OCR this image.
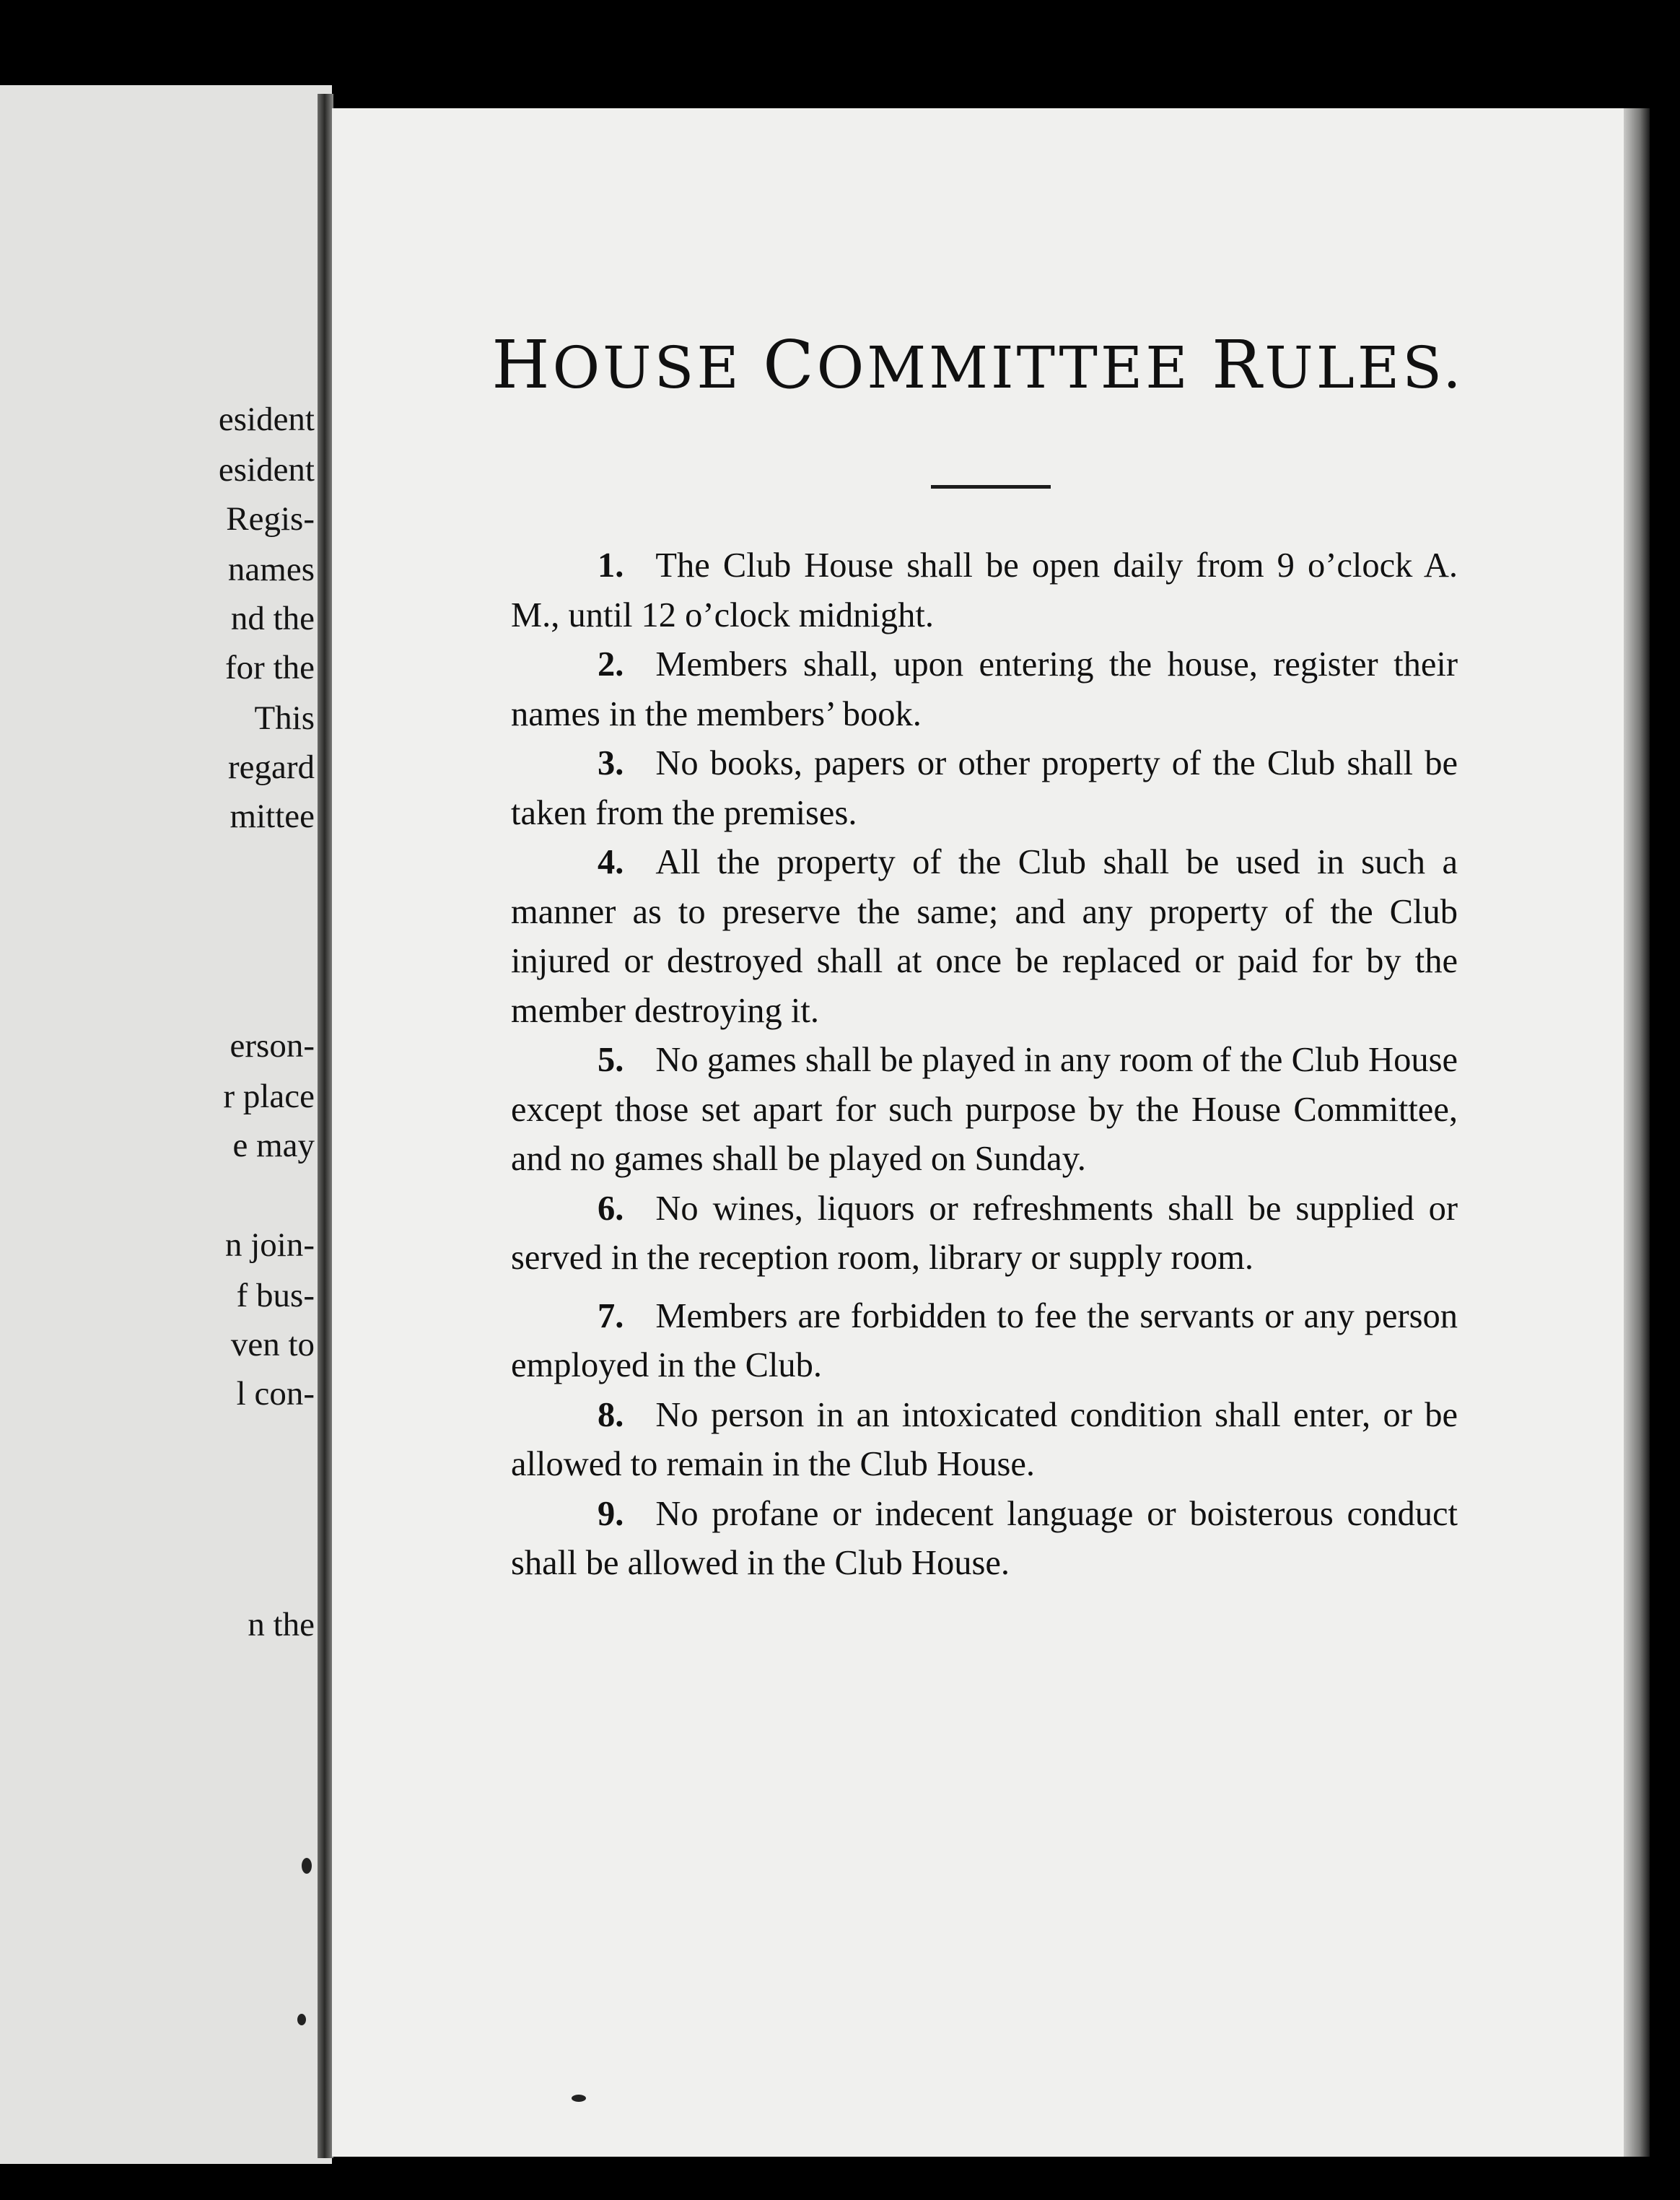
esident
esident
Regis-
names
nd the
for the
This
regard
mittee
erson-
r place
e may
n join-
f bus-
ven to
l con-
n the
HOUSE COMMITTEE RULES.

1. The Club House shall be open daily from 9 o’clock A. M., until 12 o’clock midnight.

2. Members shall, upon entering the house, register their names in the members’ book.

3. No books, papers or other property of the Club shall be taken from the premises.

4. All the property of the Club shall be used in such a manner as to preserve the same; and any property of the Club injured or destroyed shall at once be replaced or paid for by the member destroying it.

5. No games shall be played in any room of the Club House except those set apart for such purpose by the House Committee, and no games shall be played on Sunday.

6. No wines, liquors or refreshments shall be supplied or served in the reception room, library or supply room.

7. Members are forbidden to fee the servants or any person employed in the Club.

8. No person in an intoxicated condition shall enter, or be allowed to remain in the Club House.

9. No profane or indecent language or boisterous conduct shall be allowed in the Club House.
